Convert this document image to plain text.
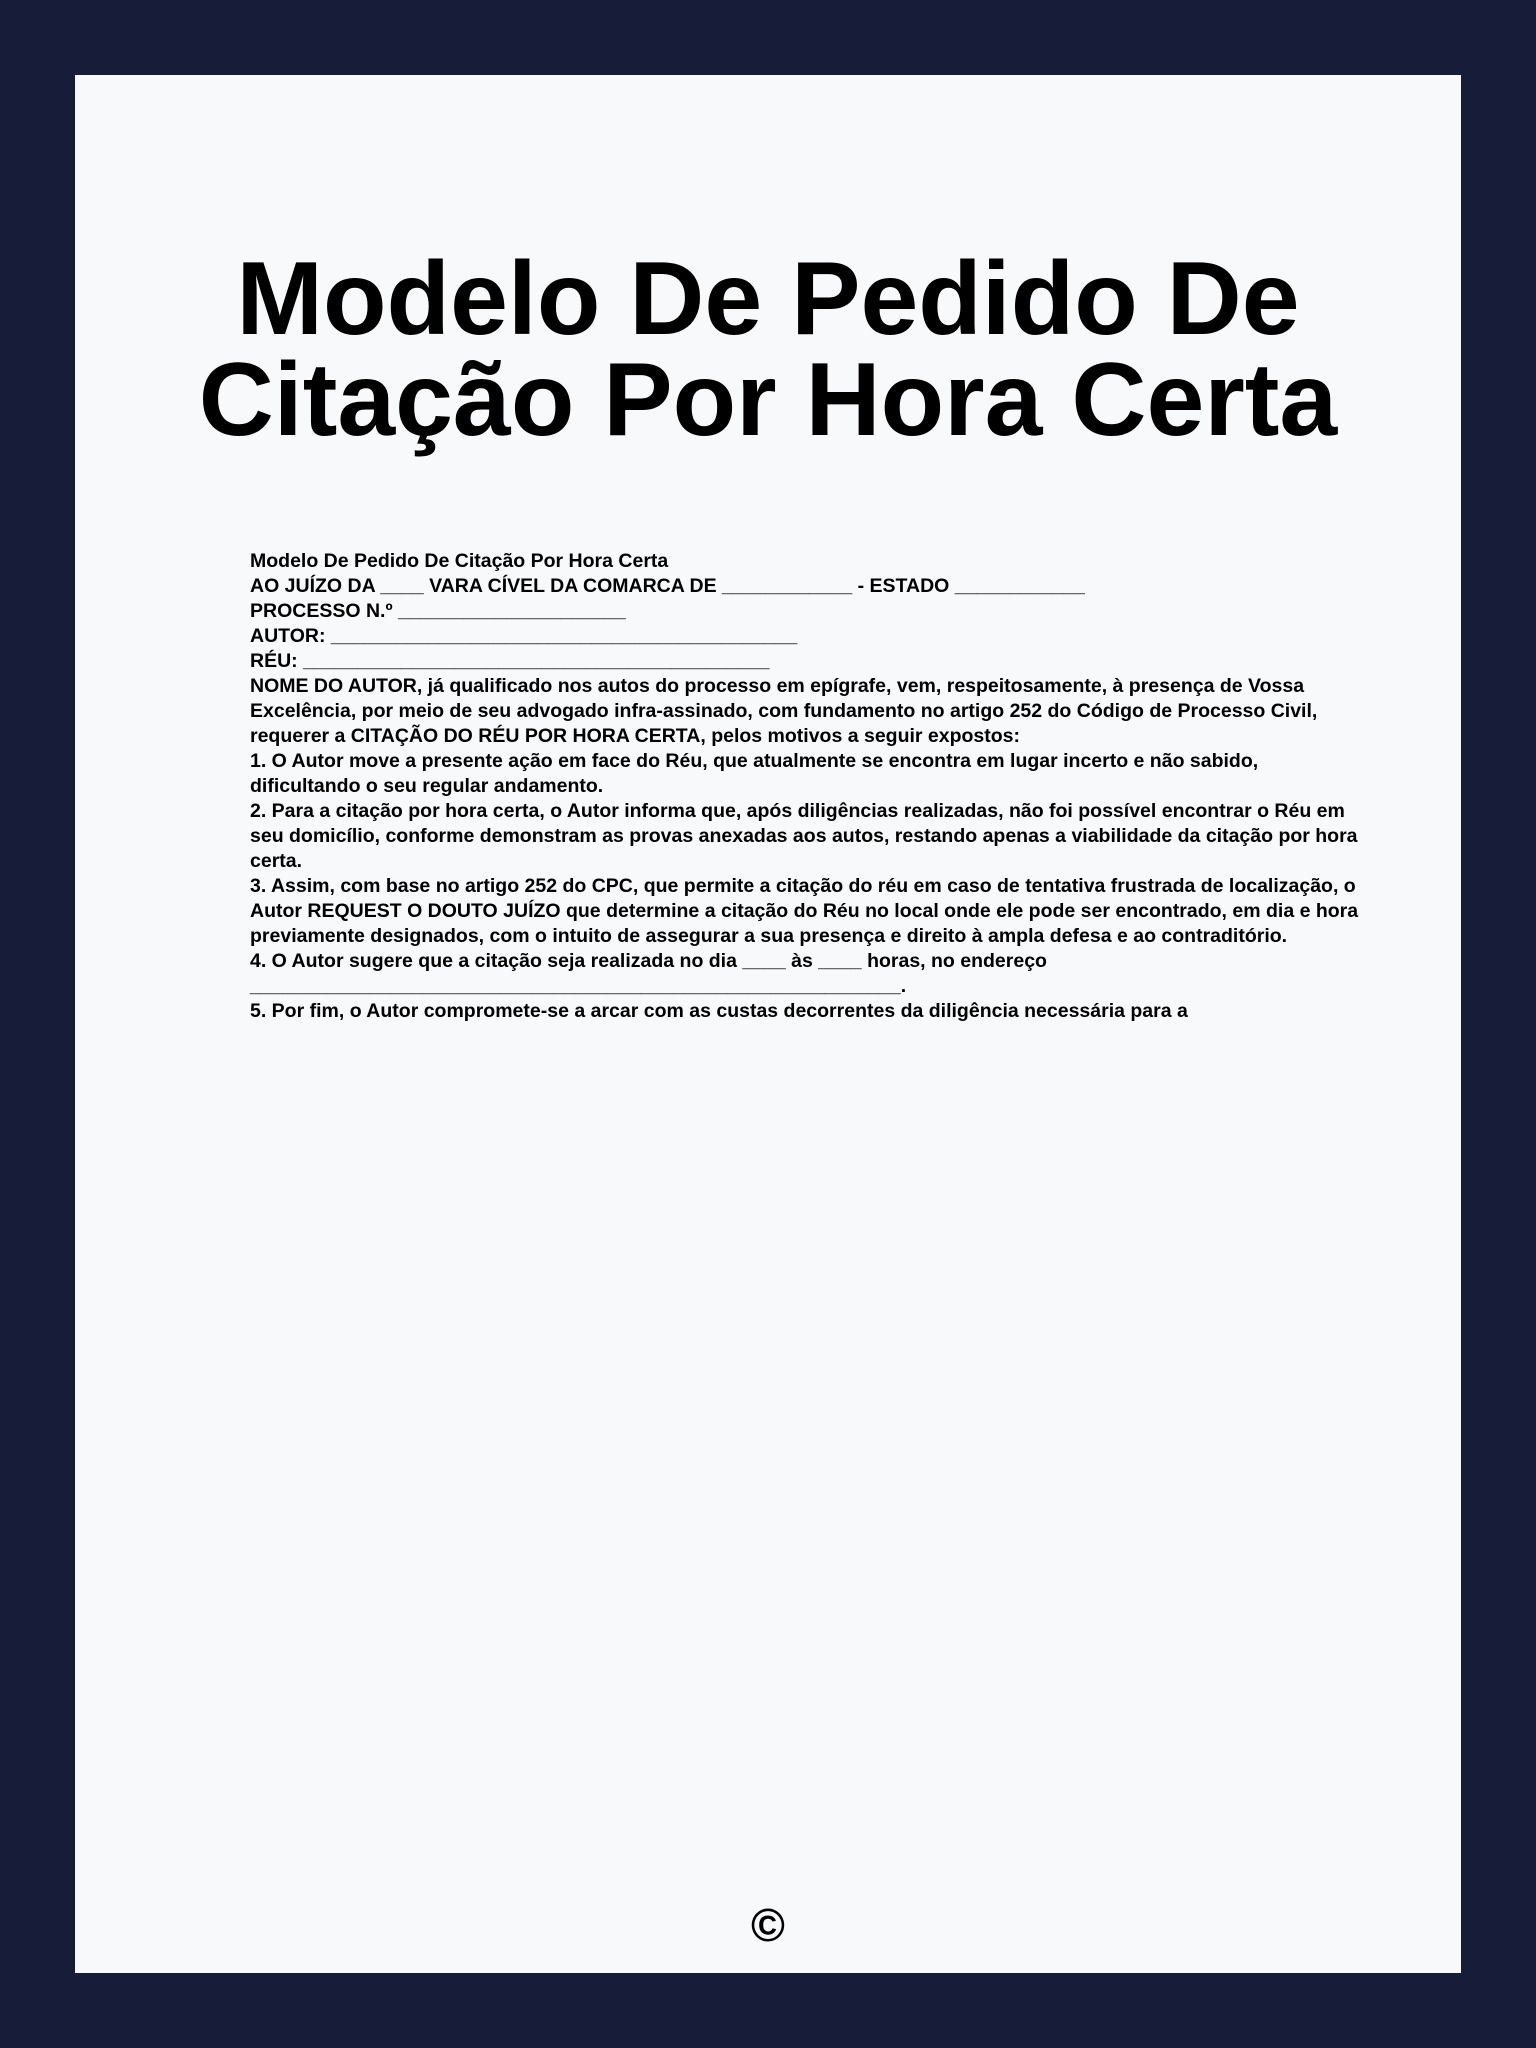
Modelo De Pedido De Citação Por Hora Certa

Modelo De Pedido De Citação Por Hora Certa

AO JUÍZO DA ____ VARA CÍVEL DA COMARCA DE ____________ - ESTADO ____________

PROCESSO N.º _____________________

AUTOR: ___________________________________________

RÉU: ___________________________________________

NOME DO AUTOR, já qualificado nos autos do processo em epígrafe, vem, respeitosamente, à presença de Vossa Excelência, por meio de seu advogado infra-assinado, com fundamento no artigo 252 do Código de Processo Civil, requerer a CITAÇÃO DO RÉU POR HORA CERTA, pelos motivos a seguir expostos:

1. O Autor move a presente ação em face do Réu, que atualmente se encontra em lugar incerto e não sabido, dificultando o seu regular andamento.

2. Para a citação por hora certa, o Autor informa que, após diligências realizadas, não foi possível encontrar o Réu em seu domicílio, conforme demonstram as provas anexadas aos autos, restando apenas a viabilidade da citação por hora certa.

3. Assim, com base no artigo 252 do CPC, que permite a citação do réu em caso de tentativa frustrada de localização, o Autor REQUEST O DOUTO JUÍZO que determine a citação do Réu no local onde ele pode ser encontrado, em dia e hora previamente designados, com o intuito de assegurar a sua presença e direito à ampla defesa e ao contraditório.

4. O Autor sugere que a citação seja realizada no dia ____ às ____ horas, no endereço ____________________________________________________________.

5. Por fim, o Autor compromete-se a arcar com as custas decorrentes da diligência necessária para a

©
